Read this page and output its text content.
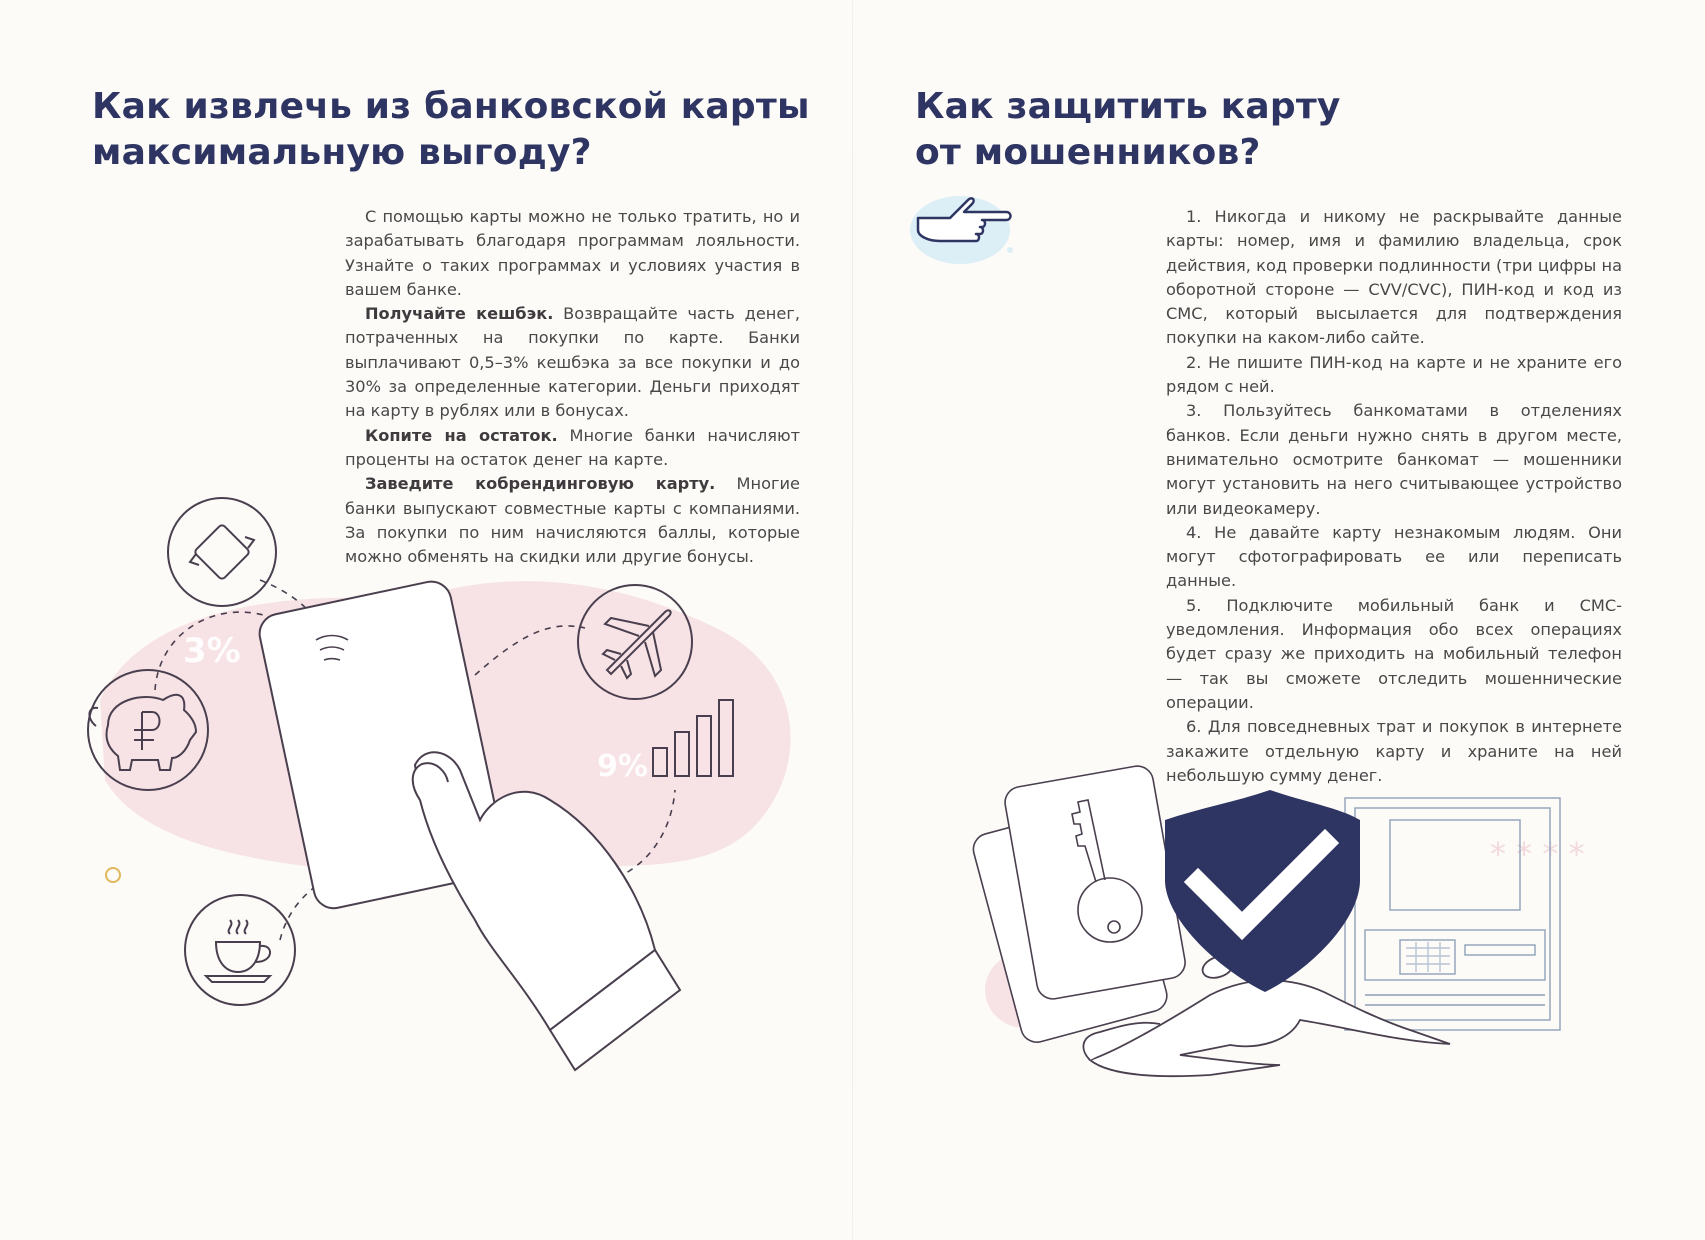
Как извлечь из банковской карты
максимальную выгоду?

С помощью карты можно не только тратить, но и зарабатывать благодаря программам лояльности. Узнайте о таких программах и условиях участия в вашем банке.

Получайте кешбэк. Возвращайте часть денег, потраченных на покупки по карте. Банки выплачивают 0,5–3% кешбэка за все покупки и до 30% за определенные категории. Деньги приходят на карту в рублях или в бонусах.

Копите на остаток. Многие банки начисляют проценты на остаток денег на карте.

Заведите кобрендинговую карту. Многие банки выпускают совместные карты с компаниями. За покупки по ним начисляются баллы, которые можно обменять на скидки или другие бонусы.

3%
9%
Как защитить карту
от мошенников?

1. Никогда и никому не раскрывайте данные карты: номер, имя и фамилию владельца, срок действия, код проверки подлинности (три цифры на оборотной стороне — CVV/CVC), ПИН-код и код из СМС, который высылается для подтверждения покупки на каком-либо сайте.

2. Не пишите ПИН-код на карте и не храните его рядом с ней.

3. Пользуйтесь банкоматами в отделениях банков. Если деньги нужно снять в другом месте, внимательно осмотрите банкомат — мошенники могут установить на него считывающее устройство или видеокамеру.

4. Не давайте карту незнакомым людям. Они могут сфотографировать ее или переписать данные.

5. Подключите мобильный банк и СМС-уведомления. Информация обо всех операциях будет сразу же приходить на мобильный телефон — так вы сможете отследить мошеннические операции.

6. Для повседневных трат и покупок в интернете закажите отдельную карту и храните на ней небольшую сумму денег.

* * * *
